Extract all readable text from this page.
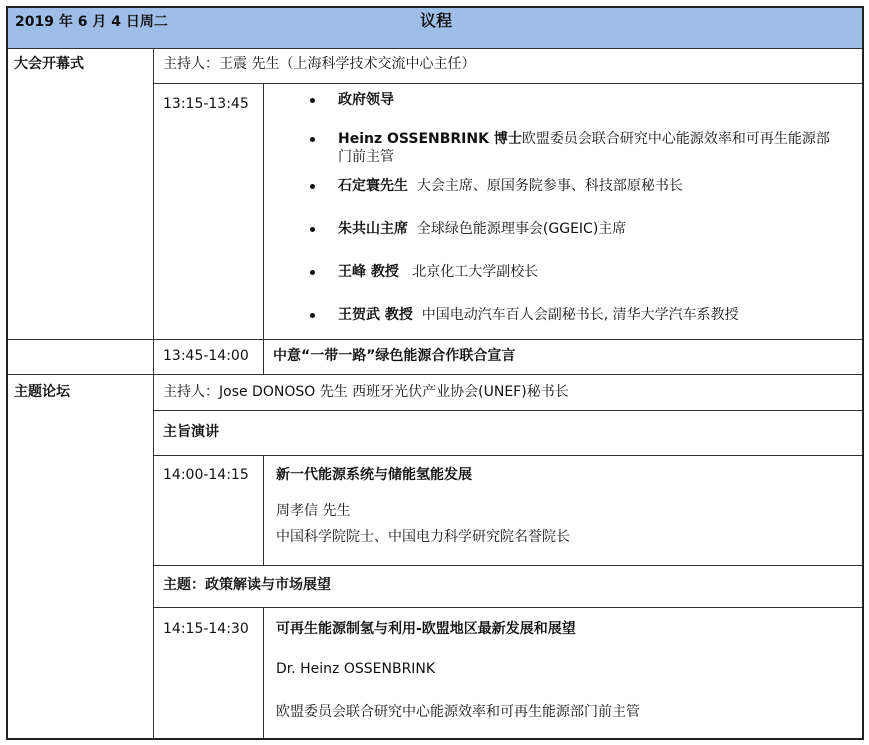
2019 年 6 月 4 日周二	议程
大会开幕式	主持人：王震 先生（上海科学技术交流中心主任）
13:15-13:45	政府领导
Heinz OSSENBRINK 博士欧盟委员会联合研究中心能源效率和可再生能源部门前主管
石定寰先生 大会主席、原国务院参事、科技部原秘书长
朱共山主席 全球绿色能源理事会(GGEIC)主席
王峰 教授 北京化工大学副校长
王贺武 教授 中国电动汽车百人会副秘书长, 清华大学汽车系教授
13:45-14:00 中意“一带一路”绿色能源合作联合宣言
主题论坛	主持人：Jose DONOSO 先生 西班牙光伏产业协会(UNEF)秘书长
主旨演讲
14:00-14:15 新一代能源系统与储能氢能发展
周孝信 先生
中国科学院院士、中国电力科学研究院名誉院长
主题：政策解读与市场展望
14:15-14:30 可再生能源制氢与利用-欧盟地区最新发展和展望
Dr. Heinz OSSENBRINK
欧盟委员会联合研究中心能源效率和可再生能源部门前主管
